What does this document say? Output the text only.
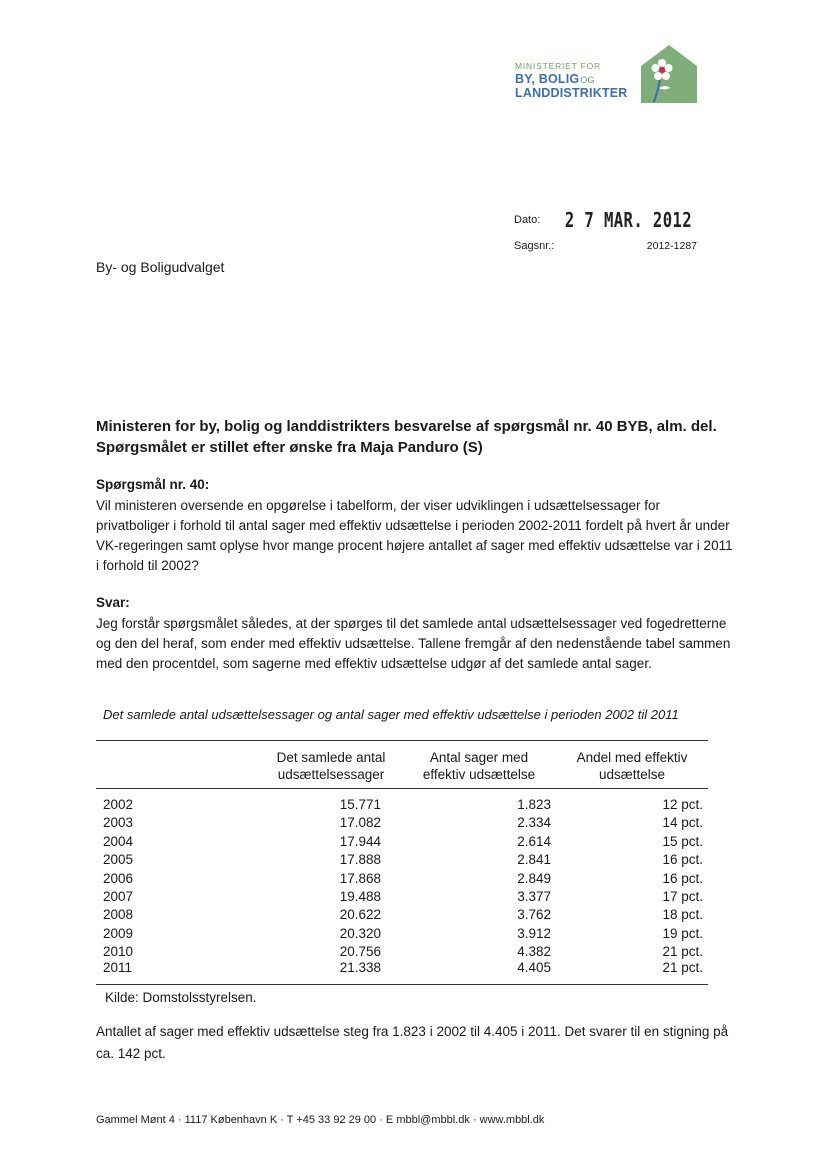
MINISTERIET FOR
BY, BOLIGOG
LANDDISTRIKTER
Dato: 2 7 MAR. 2012
Sagsnr.:	2012-1287
By- og Boligudvalget
Ministeren for by, bolig og landdistrikters besvarelse af spørgsmål nr. 40 BYB, alm. del. Spørgsmålet er stillet efter ønske fra Maja Panduro (S)
Spørgsmål nr. 40:
Vil ministeren oversende en opgørelse i tabelform, der viser udviklingen i udsættelsessager for privatboliger i forhold til antal sager med effektiv udsættelse i perioden 2002-2011 fordelt på hvert år under VK-regeringen samt oplyse hvor mange procent højere antallet af sager med effektiv udsættelse var i 2011 i forhold til 2002?
Svar:
Jeg forstår spørgsmålet således, at der spørges til det samlede antal udsættelsessager ved fogedretterne og den del heraf, som ender med effektiv udsættelse. Tallene fremgår af den nedenstående tabel sammen med den procentdel, som sagerne med effektiv udsættelse udgør af det samlede antal sager.
Det samlede antal udsættelsessager og antal sager med effektiv udsættelse i perioden 2002 til 2011
Det samlede antal
udsættelsessager
Antal sager med
effektiv udsættelse
Andel med effektiv
udsættelse
2002	15.771	1.823	12 pct.
2003	17.082	2.334	14 pct.
2004	17.944	2.614	15 pct.
2005	17.888	2.841	16 pct.
2006	17.868	2.849	16 pct.
2007	19.488	3.377	17 pct.
2008	20.622	3.762	18 pct.
2009	20.320	3.912	19 pct.
2010	20.756	4.382	21 pct.
2011	21.338	4.405	21 pct.
Kilde: Domstolsstyrelsen.
Antallet af sager med effektiv udsættelse steg fra 1.823 i 2002 til 4.405 i 2011. Det svarer til en stigning på ca. 142 pct.
Gammel Mønt 4 · 1117 København K · T +45 33 92 29 00 · E mbbl@mbbl.dk · www.mbbl.dk
